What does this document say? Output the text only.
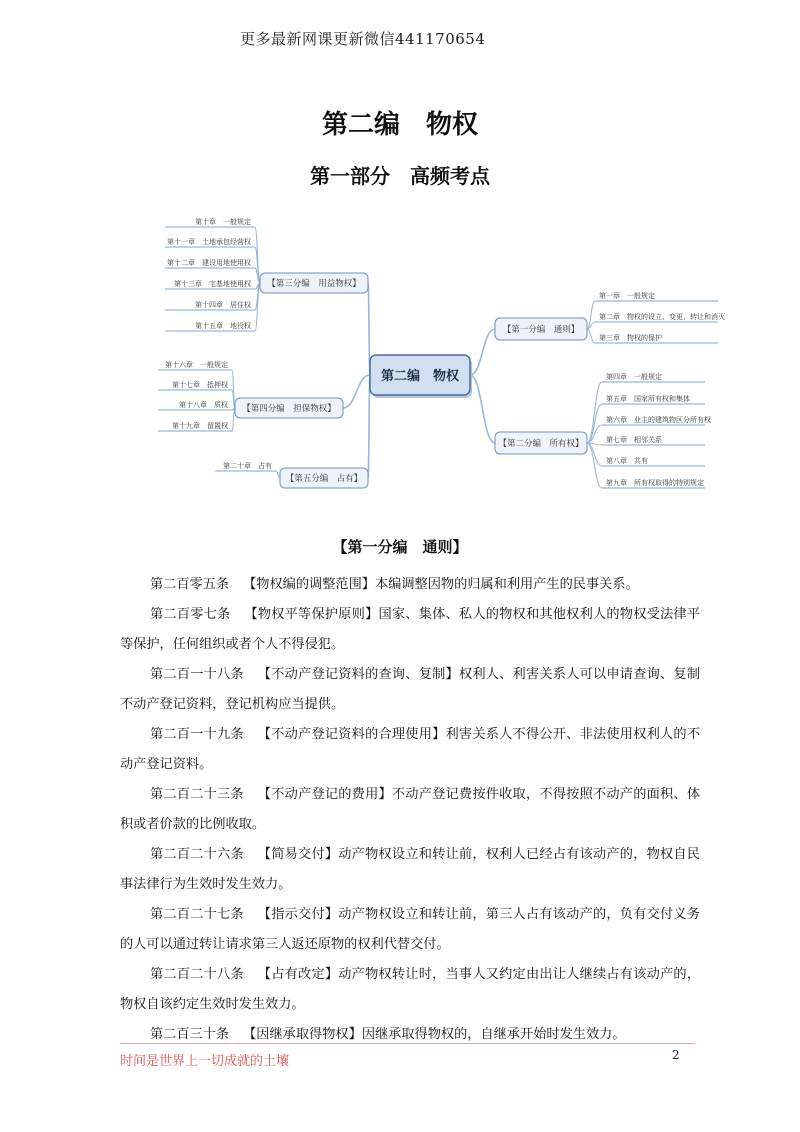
更多最新网课更新微信441170654
第二编　物权
第一部分　高频考点
第十章　一般规定
第十一章　土地承包经营权
第十二章　建设用地使用权
第十三章　宅基地使用权
第十四章　居住权
第十五章　地役权
第十六章　一般规定
第十七章　抵押权
第十八章　质权
第十九章　留置权
第二十章　占有
第一章　一般规定
第二章　物权的设立、变更、转让和消灭
第三章　物权的保护
第四章　一般规定
第五章　国家所有权和集体
第六章　业主的建筑物区分所有权
第七章　相邻关系
第八章　共有
第九章　所有权取得的特别规定
【第三分编　用益物权】
【第四分编　担保物权】
【第五分编　占有】
【第一分编　通则】
【第二分编　所有权】
第二编　物权
【第一分编　通则】

第二百零五条 【物权编的调整范围】本编调整因物的归属和利用产生的民事关系。

第二百零七条 【物权平等保护原则】国家、集体、私人的物权和其他权利人的物权受法律平等保护，任何组织或者个人不得侵犯。

第二百一十八条 【不动产登记资料的查询、复制】权利人、利害关系人可以申请查询、复制不动产登记资料，登记机构应当提供。

第二百一十九条 【不动产登记资料的合理使用】利害关系人不得公开、非法使用权利人的不动产登记资料。

第二百二十三条 【不动产登记的费用】不动产登记费按件收取，不得按照不动产的面积、体积或者价款的比例收取。

第二百二十六条 【简易交付】动产物权设立和转让前，权利人已经占有该动产的，物权自民事法律行为生效时发生效力。

第二百二十七条 【指示交付】动产物权设立和转让前，第三人占有该动产的，负有交付义务的人可以通过转让请求第三人返还原物的权利代替交付。

第二百二十八条 【占有改定】动产物权转让时，当事人又约定由出让人继续占有该动产的，物权自该约定生效时发生效力。

第二百三十条 【因继承取得物权】因继承取得物权的，自继承开始时发生效力。

时间是世界上一切成就的土壤	2
